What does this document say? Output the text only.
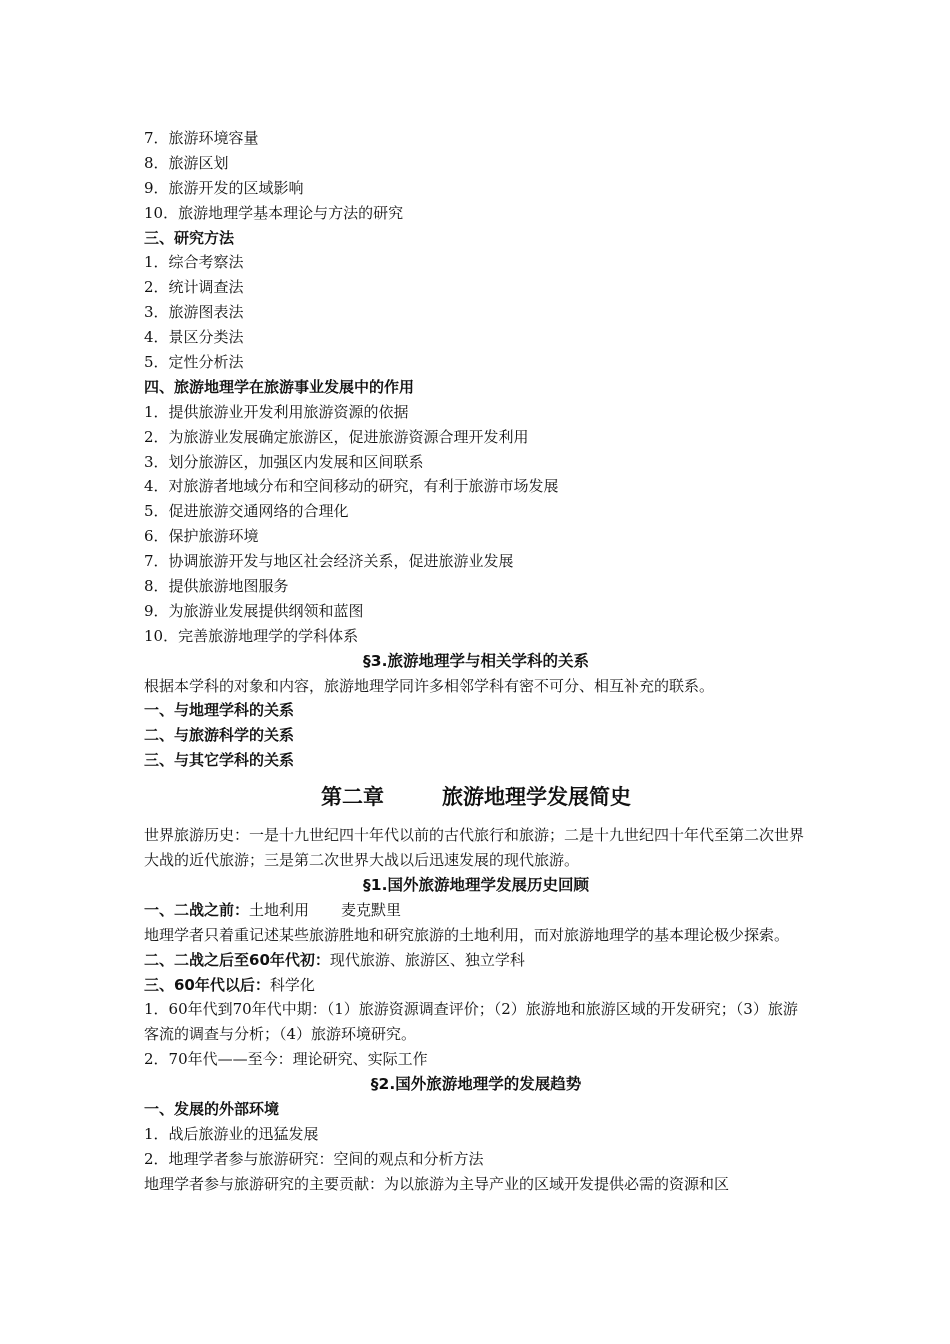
7．旅游环境容量
8．旅游区划
9．旅游开发的区域影响
10．旅游地理学基本理论与方法的研究
三、研究方法
1．综合考察法
2．统计调查法
3．旅游图表法
4．景区分类法
5．定性分析法
四、旅游地理学在旅游事业发展中的作用
1．提供旅游业开发利用旅游资源的依据
2．为旅游业发展确定旅游区，促进旅游资源合理开发利用
3．划分旅游区，加强区内发展和区间联系
4．对旅游者地域分布和空间移动的研究，有利于旅游市场发展
5．促进旅游交通网络的合理化
6．保护旅游环境
7．协调旅游开发与地区社会经济关系，促进旅游业发展
8．提供旅游地图服务
9．为旅游业发展提供纲领和蓝图
10．完善旅游地理学的学科体系
§3.旅游地理学与相关学科的关系
根据本学科的对象和内容，旅游地理学同许多相邻学科有密不可分、相互补充的联系。
一、与地理学科的关系
二、与旅游科学的关系
三、与其它学科的关系
第二章	旅游地理学发展简史
世界旅游历史：一是十九世纪四十年代以前的古代旅行和旅游；二是十九世纪四十年代至第二次世界大战的近代旅游；三是第二次世界大战以后迅速发展的现代旅游。
§1.国外旅游地理学发展历史回顾
一、二战之前：土地利用 麦克默里
地理学者只着重记述某些旅游胜地和研究旅游的土地利用，而对旅游地理学的基本理论极少探索。
二、二战之后至60年代初：现代旅游、旅游区、独立学科
三、60年代以后：科学化
1．60年代到70年代中期：（1）旅游资源调查评价；（2）旅游地和旅游区域的开发研究；（3）旅游客流的调查与分析；（4）旅游环境研究。
2．70年代——至今：理论研究、实际工作
§2.国外旅游地理学的发展趋势
一、发展的外部环境
1．战后旅游业的迅猛发展
2．地理学者参与旅游研究：空间的观点和分析方法
地理学者参与旅游研究的主要贡献：为以旅游为主导产业的区域开发提供必需的资源和区
